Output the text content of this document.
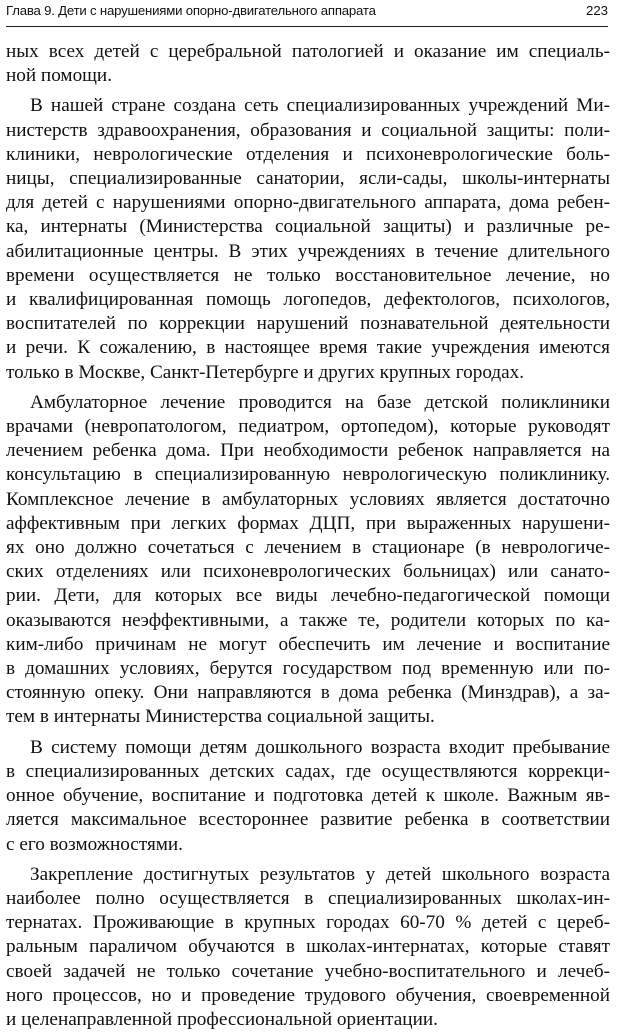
Глава 9. Дети с нарушениями опорно-двигательного аппарата	223
ных всех детей с церебральной патологией и оказание им специаль-
ной помощи.
В нашей стране создана сеть специализированных учреждений Ми-
нистерств здравоохранения, образования и социальной защиты: поли-
клиники, неврологические отделения и психоневрологические боль-
ницы, специализированные санатории, ясли-сады, школы-интернаты
для детей с нарушениями опорно-двигательного аппарата, дома ребен-
ка, интернаты (Министерства социальной защиты) и различные ре-
абилитационные центры. В этих учреждениях в течение длительного
времени осуществляется не только восстановительное лечение, но
и квалифицированная помощь логопедов, дефектологов, психологов,
воспитателей по коррекции нарушений познавательной деятельности
и речи. К сожалению, в настоящее время такие учреждения имеются
только в Москве, Санкт-Петербурге и других крупных городах.
Амбулаторное лечение проводится на базе детской поликлиники
врачами (невропатологом, педиатром, ортопедом), которые руководят
лечением ребенка дома. При необходимости ребенок направляется на
консультацию в специализированную неврологическую поликлинику.
Комплексное лечение в амбулаторных условиях является достаточно
аффективным при легких формах ДЦП, при выраженных нарушени-
ях оно должно сочетаться с лечением в стационаре (в неврологиче-
ских отделениях или психоневрологических больницах) или санато-
рии. Дети, для которых все виды лечебно-педагогической помощи
оказываются неэффективными, а также те, родители которых по ка-
ким-либо причинам не могут обеспечить им лечение и воспитание
в домашних условиях, берутся государством под временную или по-
стоянную опеку. Они направляются в дома ребенка (Минздрав), а за-
тем в интернаты Министерства социальной защиты.
В систему помощи детям дошкольного возраста входит пребывание
в специализированных детских садах, где осуществляются коррекци-
онное обучение, воспитание и подготовка детей к школе. Важным яв-
ляется максимальное всестороннее развитие ребенка в соответствии
с его возможностями.
Закрепление достигнутых результатов у детей школьного возраста
наиболее полно осуществляется в специализированных школах-ин-
тернатах. Проживающие в крупных городах 60-70 % детей с цереб-
ральным параличом обучаются в школах-интернатах, которые ставят
своей задачей не только сочетание учебно-воспитательного и лечеб-
ного процессов, но и проведение трудового обучения, своевременной
и целенаправленной профессиональной ориентации.
